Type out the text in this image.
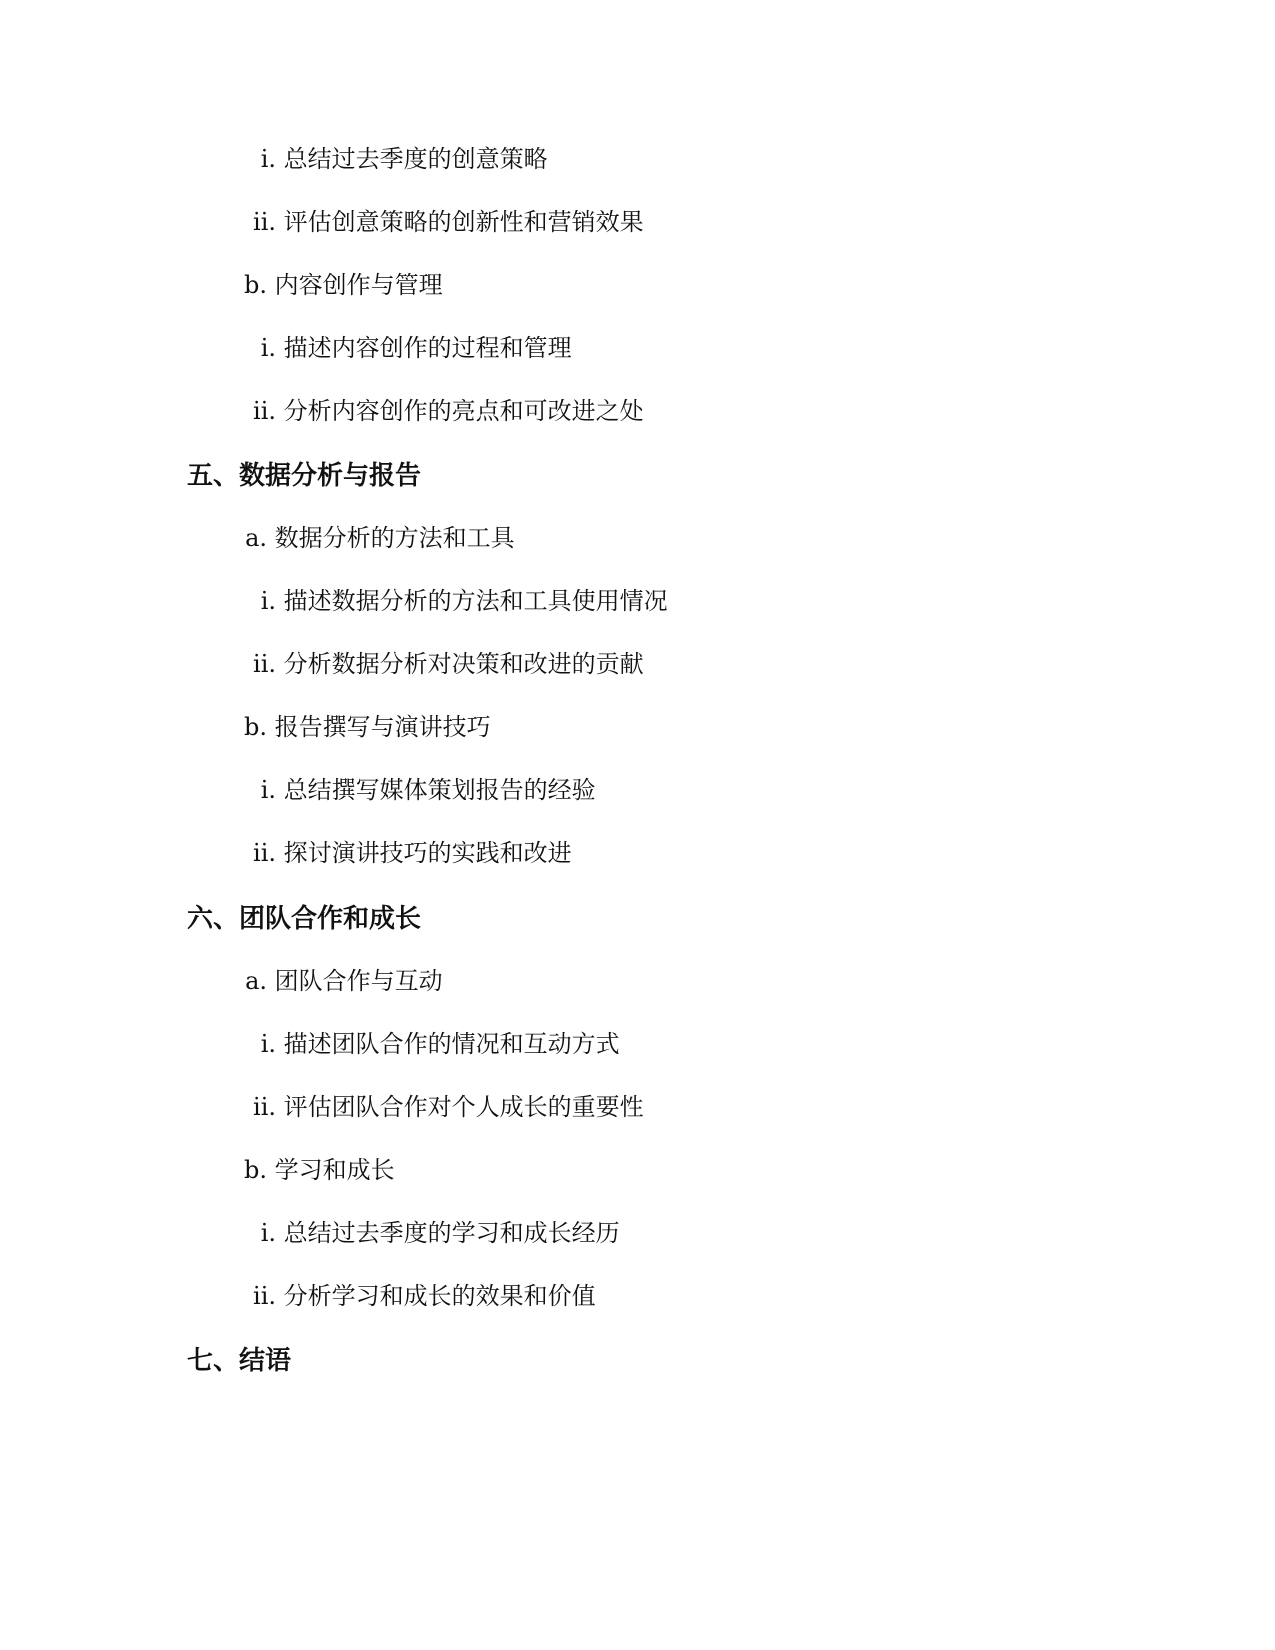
i. 总结过去季度的创意策略
ii. 评估创意策略的创新性和营销效果
b. 内容创作与管理
i. 描述内容创作的过程和管理
ii. 分析内容创作的亮点和可改进之处
五、数据分析与报告
a. 数据分析的方法和工具
i. 描述数据分析的方法和工具使用情况
ii. 分析数据分析对决策和改进的贡献
b. 报告撰写与演讲技巧
i. 总结撰写媒体策划报告的经验
ii. 探讨演讲技巧的实践和改进
六、团队合作和成长
a. 团队合作与互动
i. 描述团队合作的情况和互动方式
ii. 评估团队合作对个人成长的重要性
b. 学习和成长
i. 总结过去季度的学习和成长经历
ii. 分析学习和成长的效果和价值
七、结语
